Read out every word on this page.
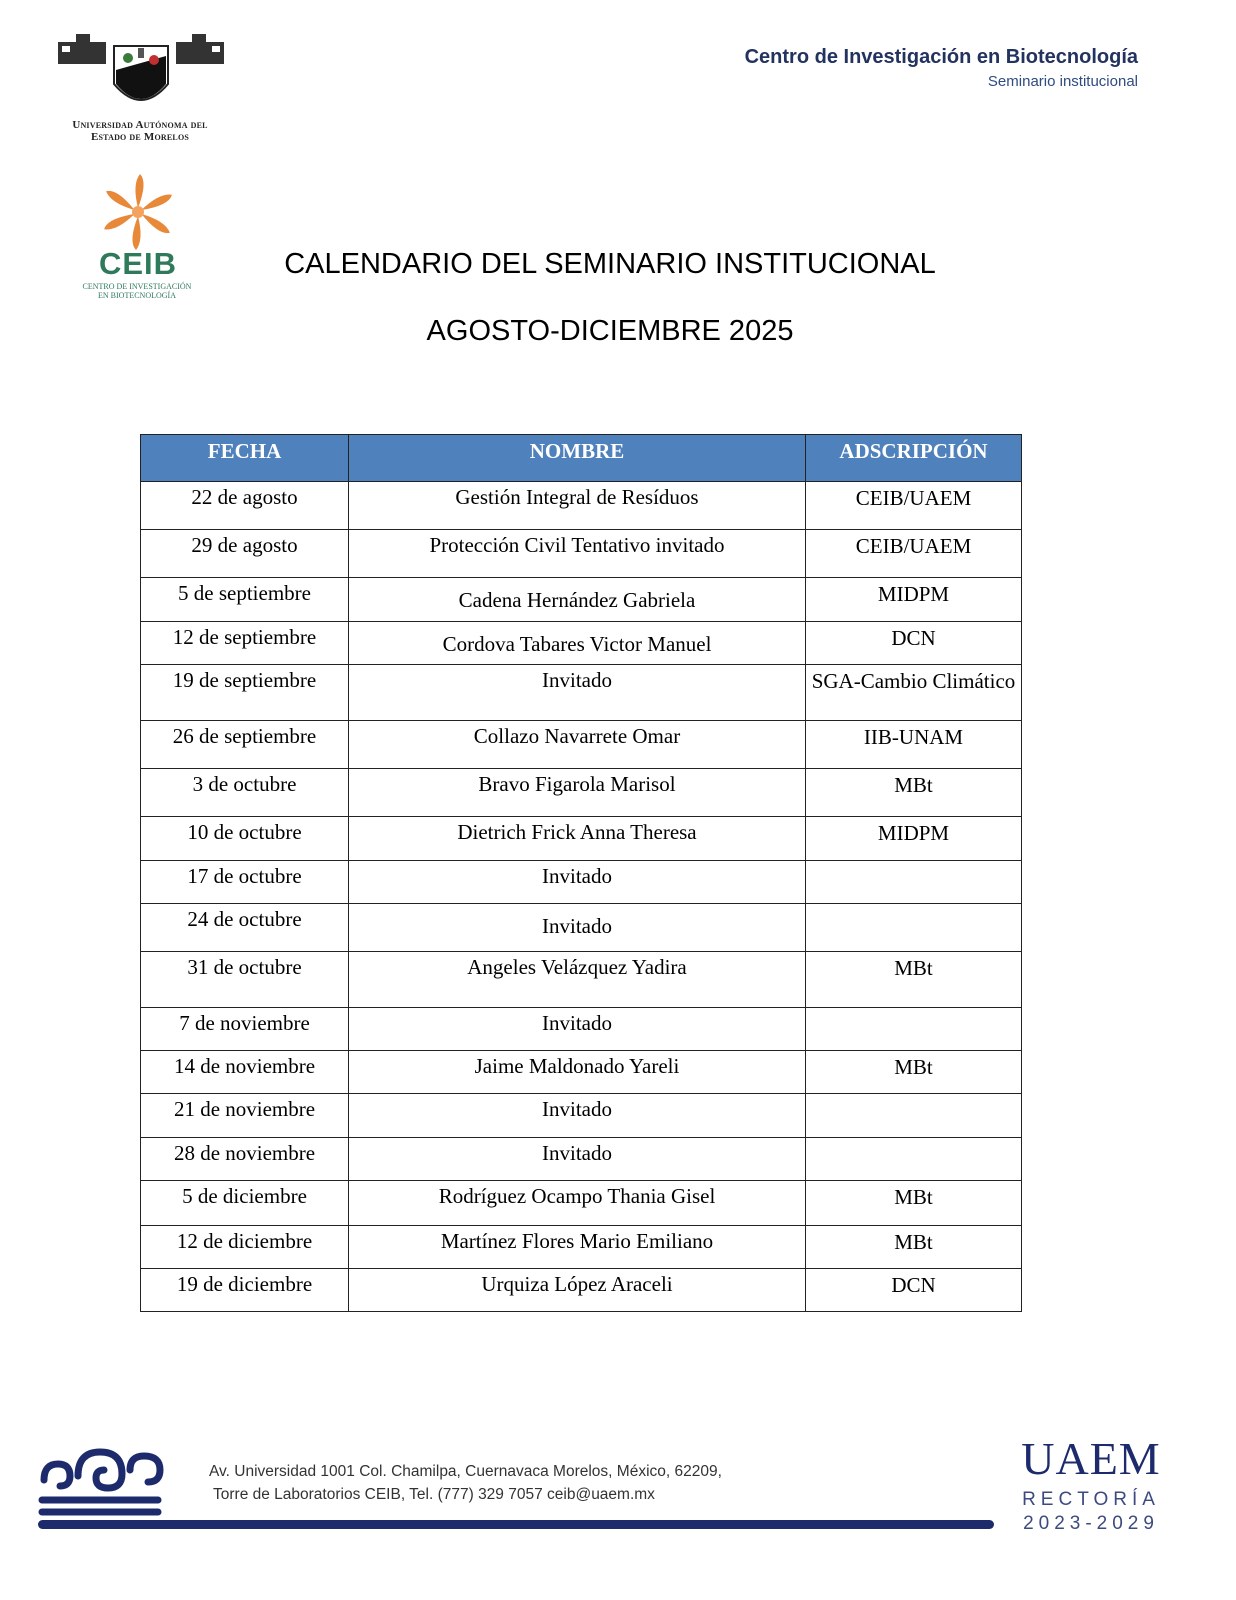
Universidad Autónoma del
Estado de Morelos
Centro de Investigación en Biotecnología
Seminario institucional
CEIB
CENTRO DE INVESTIGACIÓN
EN BIOTECNOLOGÍA
CALENDARIO DEL SEMINARIO INSTITUCIONAL
AGOSTO-DICIEMBRE 2025
FECHA	NOMBRE	ADSCRIPCIÓN
22 de agosto	Gestión Integral de Resíduos	CEIB/UAEM
29 de agosto	Protección Civil Tentativo invitado	CEIB/UAEM
5 de septiembre	Cadena Hernández Gabriela	MIDPM
12 de septiembre	Cordova Tabares Victor Manuel	DCN
19 de septiembre	Invitado	SGA-Cambio Climático
26 de septiembre	Collazo Navarrete Omar	IIB-UNAM
3 de octubre	Bravo Figarola Marisol	MBt
10 de octubre	Dietrich Frick Anna Theresa	MIDPM
17 de octubre	Invitado	
24 de octubre	Invitado	
31 de octubre	Angeles Velázquez Yadira	MBt
7 de noviembre	Invitado	
14 de noviembre	Jaime Maldonado Yareli	MBt
21 de noviembre	Invitado	
28 de noviembre	Invitado	
5 de diciembre	Rodríguez Ocampo Thania Gisel	MBt
12 de diciembre	Martínez Flores Mario Emiliano	MBt
19 de diciembre	Urquiza López Araceli	DCN
Av. Universidad 1001 Col. Chamilpa, Cuernavaca Morelos, México, 62209,
Torre de Laboratorios CEIB, Tel. (777) 329 7057 ceib@uaem.mx
UAEM
RECTORÍA
2023-2029
